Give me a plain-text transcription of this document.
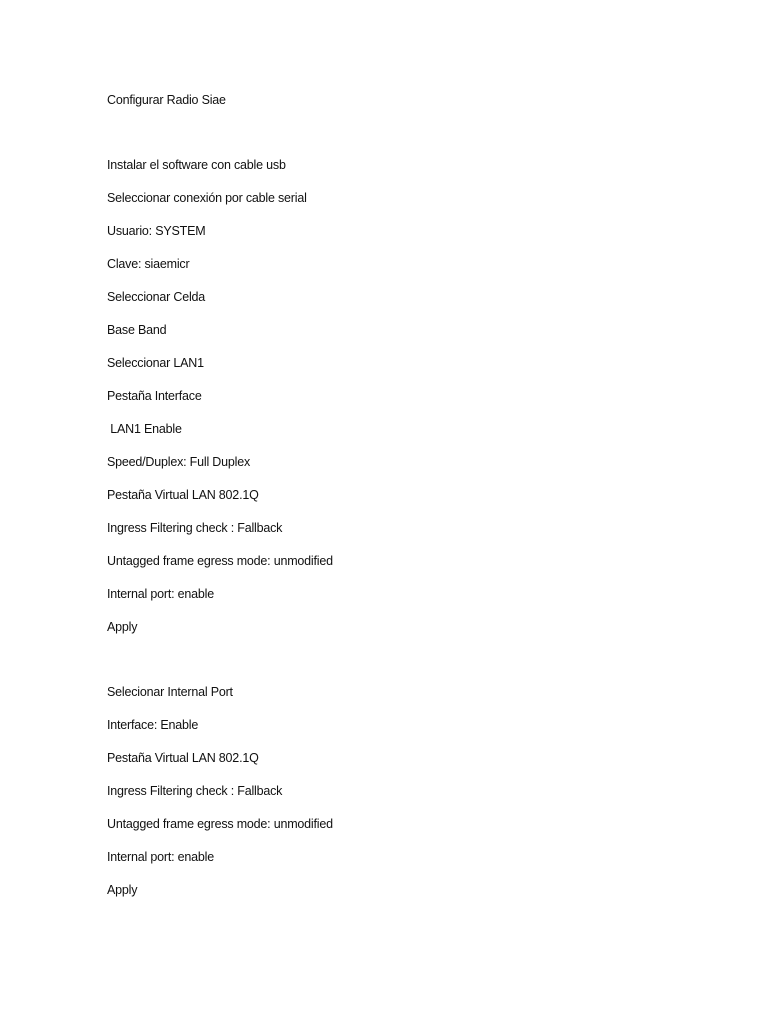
Configurar Radio Siae
Instalar el software con cable usb
Seleccionar conexión por cable serial
Usuario: SYSTEM
Clave: siaemicr
Seleccionar Celda
Base Band
Seleccionar LAN1
Pestaña Interface
LAN1 Enable
Speed/Duplex: Full Duplex
Pestaña Virtual LAN 802.1Q
Ingress Filtering check : Fallback
Untagged frame egress mode: unmodified
Internal port: enable
Apply
Selecionar Internal Port
Interface: Enable
Pestaña Virtual LAN 802.1Q
Ingress Filtering check : Fallback
Untagged frame egress mode: unmodified
Internal port: enable
Apply
